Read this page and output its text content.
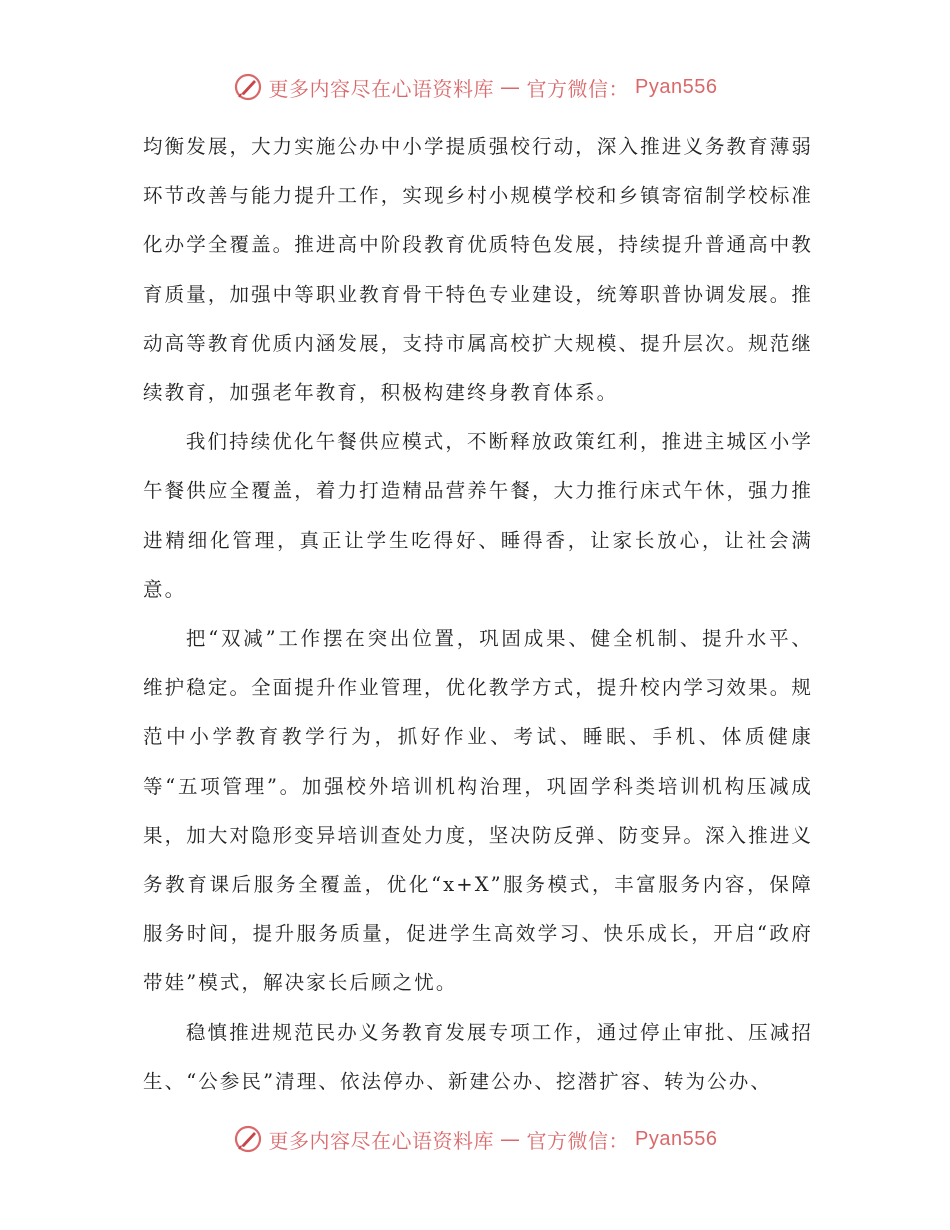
更多内容尽在心语资料库 — 官方微信： Pyan556

均衡发展，大力实施公办中小学提质强校行动，深入推进义务教育薄弱环节改善与能力提升工作，实现乡村小规模学校和乡镇寄宿制学校标准化办学全覆盖。推进高中阶段教育优质特色发展，持续提升普通高中教育质量，加强中等职业教育骨干特色专业建设，统筹职普协调发展。推动高等教育优质内涵发展，支持市属高校扩大规模、提升层次。规范继续教育，加强老年教育，积极构建终身教育体系。

我们持续优化午餐供应模式，不断释放政策红利，推进主城区小学午餐供应全覆盖，着力打造精品营养午餐，大力推行床式午休，强力推进精细化管理，真正让学生吃得好、睡得香，让家长放心，让社会满意。

把“双减”工作摆在突出位置，巩固成果、健全机制、提升水平、维护稳定。全面提升作业管理，优化教学方式，提升校内学习效果。规范中小学教育教学行为，抓好作业、考试、睡眠、手机、体质健康等“五项管理”。加强校外培训机构治理，巩固学科类培训机构压减成果，加大对隐形变异培训查处力度，坚决防反弹、防变异。深入推进义务教育课后服务全覆盖，优化“x+X”服务模式，丰富服务内容，保障服务时间，提升服务质量，促进学生高效学习、快乐成长，开启“政府带娃”模式，解决家长后顾之忧。

稳慎推进规范民办义务教育发展专项工作，通过停止审批、压减招生、“公参民”清理、依法停办、新建公办、挖潜扩容、转为公办、

更多内容尽在心语资料库 — 官方微信： Pyan556
